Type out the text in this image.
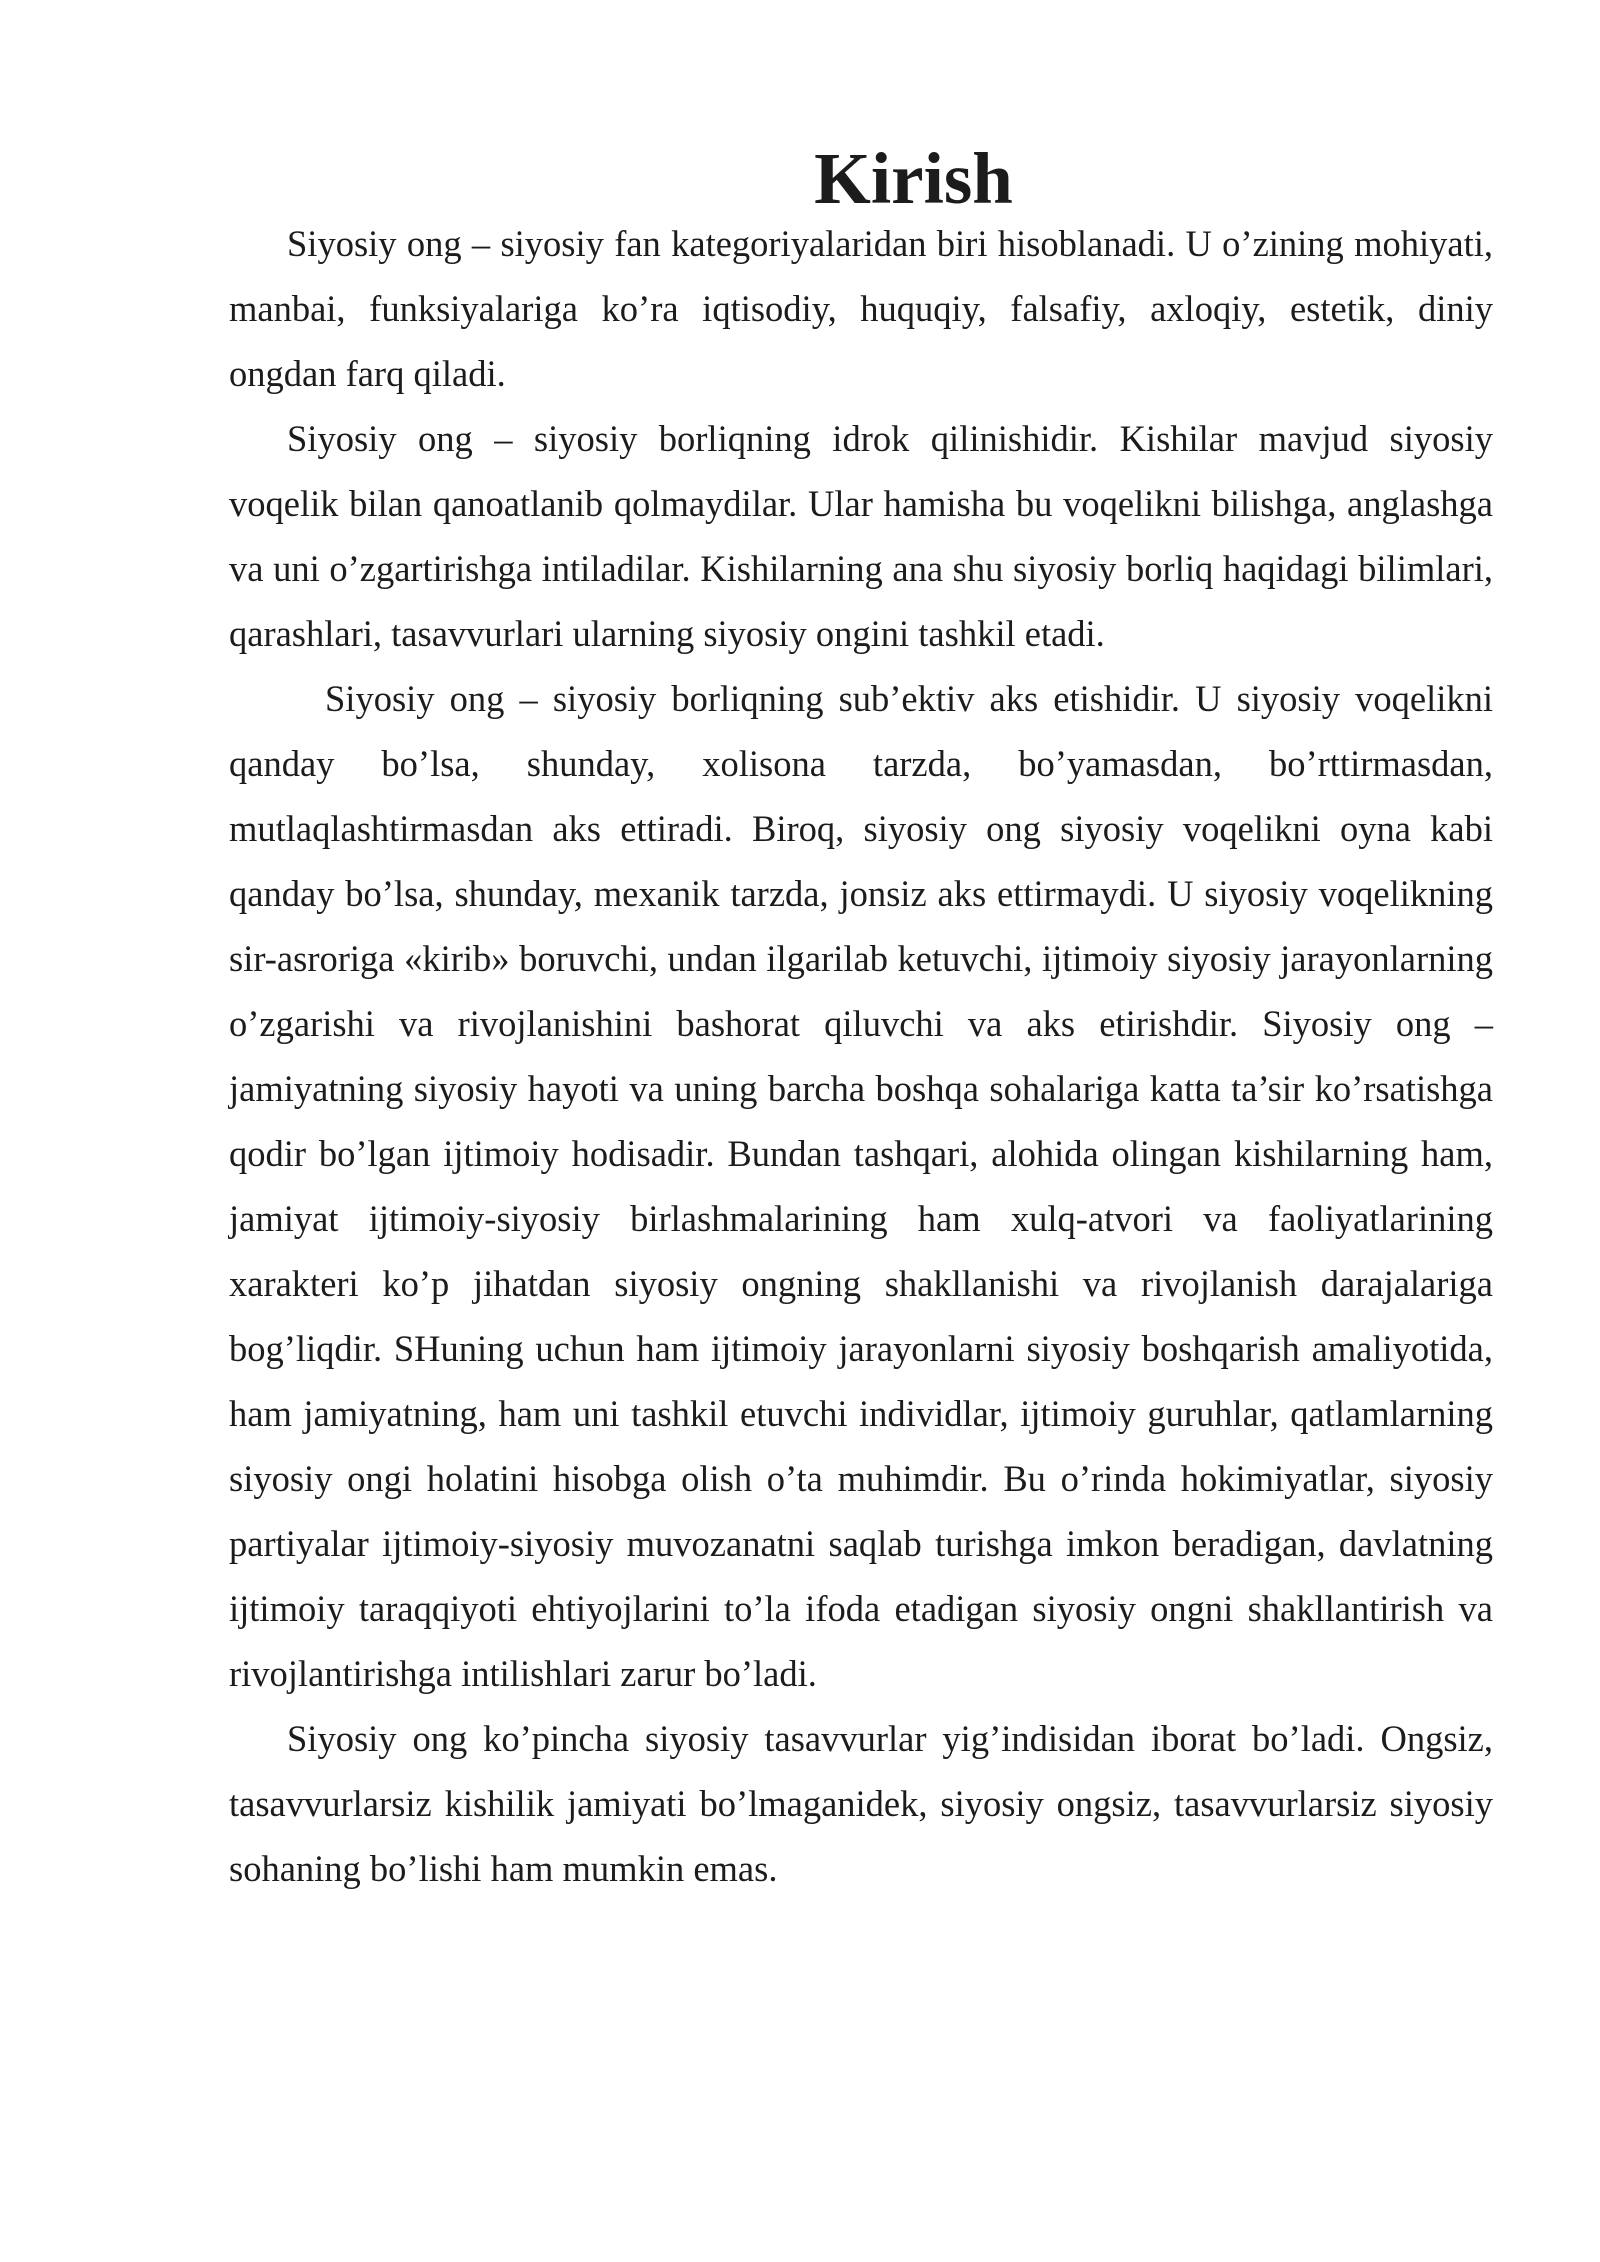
Kirish

Siyosiy ong – siyosiy fan kategoriyalaridan biri hisoblanadi. U o’zining mohiyati, manbai, funksiyalariga ko’ra iqtisodiy, huquqiy, falsafiy, axloqiy, estetik, diniy ongdan farq qiladi.

Siyosiy ong – siyosiy borliqning idrok qilinishidir. Kishilar mavjud siyosiy voqelik bilan qanoatlanib qolmaydilar. Ular hamisha bu voqelikni bilishga, anglashga va uni o’zgartirishga intiladilar. Kishilarning ana shu siyosiy borliq haqidagi bilimlari, qarashlari, tasavvurlari ularning siyosiy ongini tashkil etadi.

Siyosiy ong – siyosiy borliqning sub’ektiv aks etishidir. U siyosiy voqelikni qanday bo’lsa, shunday, xolisona tarzda, bo’yamasdan, bo’rttirmasdan, mutlaqlashtirmasdan aks ettiradi. Biroq, siyosiy ong siyosiy voqelikni oyna kabi qanday bo’lsa, shunday, mexanik tarzda, jonsiz aks ettirmaydi. U siyosiy voqelikning sir-asroriga «kirib» boruvchi, undan ilgarilab ketuvchi, ijtimoiy siyosiy jarayonlarning o’zgarishi va rivojlanishini bashorat qiluvchi va aks etirishdir. Siyosiy ong – jamiyatning siyosiy hayoti va uning barcha boshqa sohalariga katta ta’sir ko’rsatishga qodir bo’lgan ijtimoiy hodisadir. Bundan tashqari, alohida olingan kishilarning ham, jamiyat ijtimoiy-siyosiy birlashmalarining ham xulq-atvori va faoliyatlarining xarakteri ko’p jihatdan siyosiy ongning shakllanishi va rivojlanish darajalariga bog’liqdir. SHuning uchun ham ijtimoiy jarayonlarni siyosiy boshqarish amaliyotida, ham jamiyatning, ham uni tashkil etuvchi individlar, ijtimoiy guruhlar, qatlamlarning siyosiy ongi holatini hisobga olish o’ta muhimdir. Bu o’rinda hokimiyatlar, siyosiy partiyalar ijtimoiy-siyosiy muvozanatni saqlab turishga imkon beradigan, davlatning ijtimoiy taraqqiyoti ehtiyojlarini to’la ifoda etadigan siyosiy ongni shakllantirish va rivojlantirishga intilishlari zarur bo’ladi.

Siyosiy ong ko’pincha siyosiy tasavvurlar yig’indisidan iborat bo’ladi. Ongsiz, tasavvurlarsiz kishilik jamiyati bo’lmaganidek, siyosiy ongsiz, tasavvurlarsiz siyosiy sohaning bo’lishi ham mumkin emas.
